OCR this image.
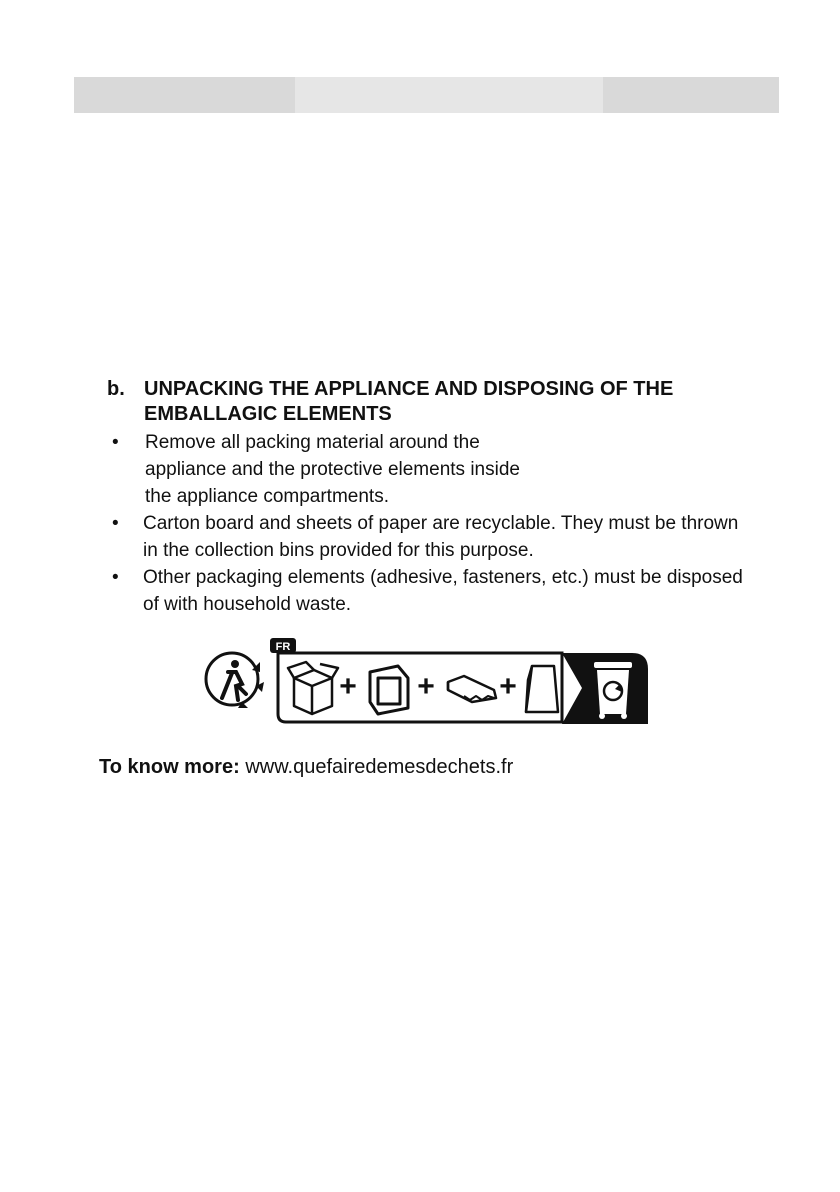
b. UNPACKING THE APPLIANCE AND DISPOSING OF THE EMBALLAGIC ELEMENTS
•	Remove all packing material around the appliance and the protective elements inside the appliance compartments.
•	Carton board and sheets of paper are recyclable. They must be thrown in the collection bins provided for this purpose.
•	Other packaging elements (adhesive, fasteners, etc.) must be disposed of with household waste.
FR
+ + +
To know more: www.quefairedemesdechets.fr
